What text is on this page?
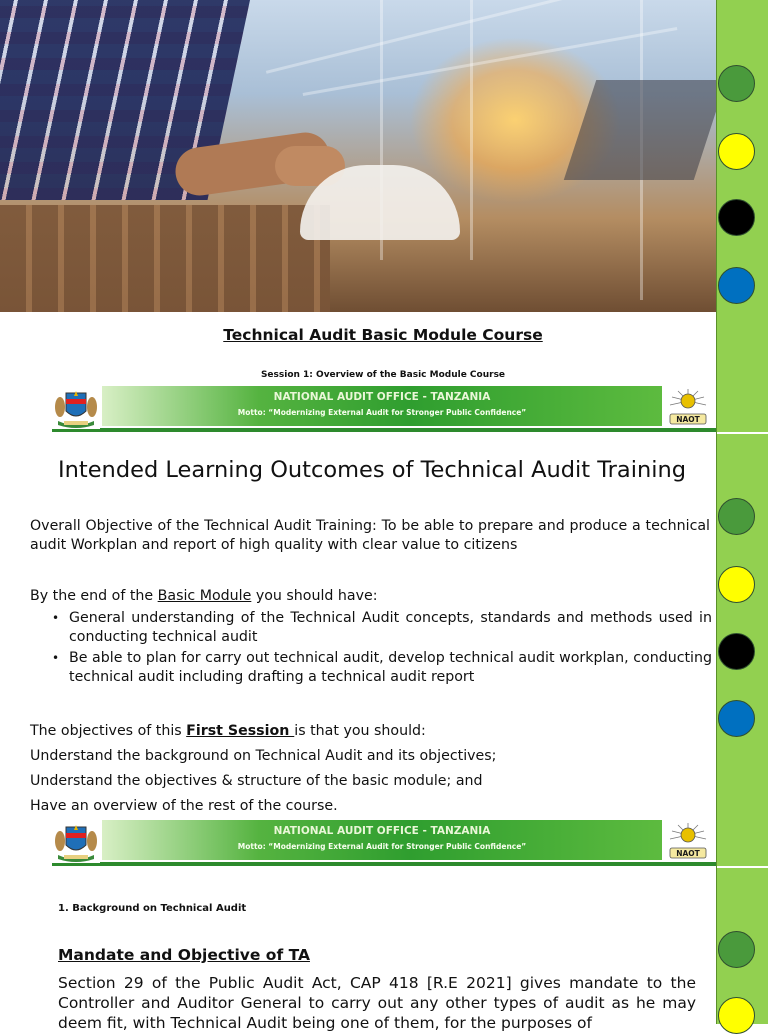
Technical Audit Basic Module Course
Session 1: Overview of the Basic Module Course
NATIONAL AUDIT OFFICE - TANZANIA
Motto: “Modernizing External Audit for Stronger Public Confidence”
NAOT
Intended Learning Outcomes of Technical Audit Training
Overall Objective of the Technical Audit Training: To be able to prepare and produce a technical audit Workplan and report of high quality with clear value to citizens
By the end of the Basic Module you should have:
• General understanding of the Technical Audit concepts, standards and methods used in conducting technical audit
• Be able to plan for carry out technical audit, develop technical audit workplan, conducting technical audit including drafting a technical audit report
The objectives of this First Session is that you should:
Understand the background on Technical Audit and its objectives;
Understand the objectives & structure of the basic module; and
Have an overview of the rest of the course.
NATIONAL AUDIT OFFICE - TANZANIA
Motto: “Modernizing External Audit for Stronger Public Confidence”
NAOT
1. Background on Technical Audit
Mandate and Objective of TA
Section 29 of the Public Audit Act, CAP 418 [R.E 2021] gives mandate to the Controller and Auditor General to carry out any other types of audit as he may deem fit, with Technical Audit being one of them, for the purposes of
